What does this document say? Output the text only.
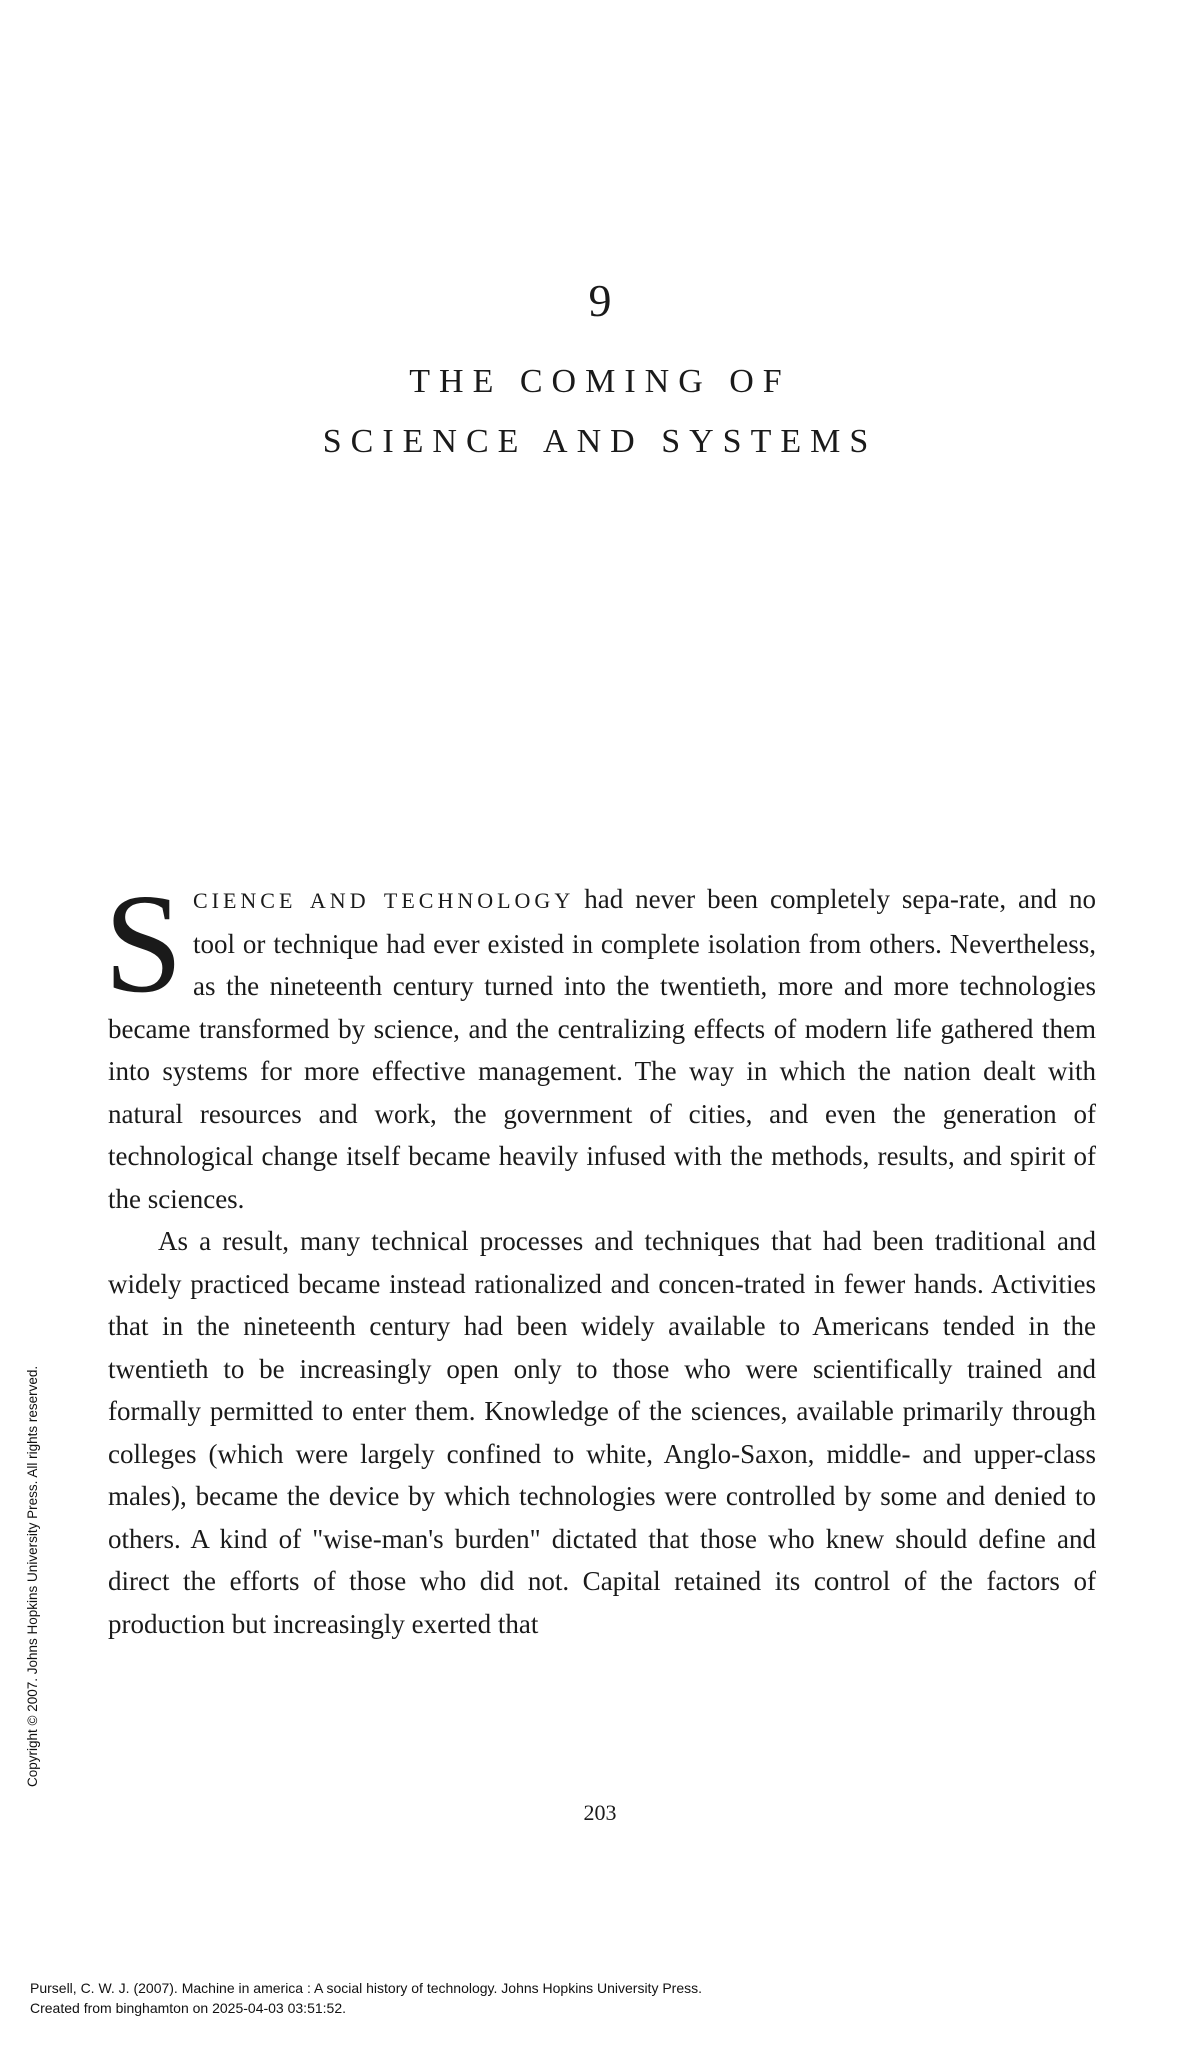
9
THE COMING OF
SCIENCE AND SYSTEMS

SCIENCE AND TECHNOLOGY had never been completely sepa-rate, and no tool or technique had ever existed in complete isolation from others. Nevertheless, as the nineteenth century turned into the twentieth, more and more technologies became transformed by science, and the centralizing effects of modern life gathered them into systems for more effective management. The way in which the nation dealt with natural resources and work, the government of cities, and even the generation of technological change itself became heavily infused with the methods, results, and spirit of the sciences.

As a result, many technical processes and techniques that had been traditional and widely practiced became instead rationalized and concen-trated in fewer hands. Activities that in the nineteenth century had been widely available to Americans tended in the twentieth to be increasingly open only to those who were scientifically trained and formally permitted to enter them. Knowledge of the sciences, available primarily through colleges (which were largely confined to white, Anglo-Saxon, middle- and upper-class males), became the device by which technologies were controlled by some and denied to others. A kind of "wise-man's burden" dictated that those who knew should define and direct the efforts of those who did not. Capital retained its control of the factors of production but increasingly exerted that

203
Copyright © 2007. Johns Hopkins University Press. All rights reserved.
Pursell, C. W. J. (2007). Machine in america : A social history of technology. Johns Hopkins University Press.
Created from binghamton on 2025-04-03 03:51:52.
